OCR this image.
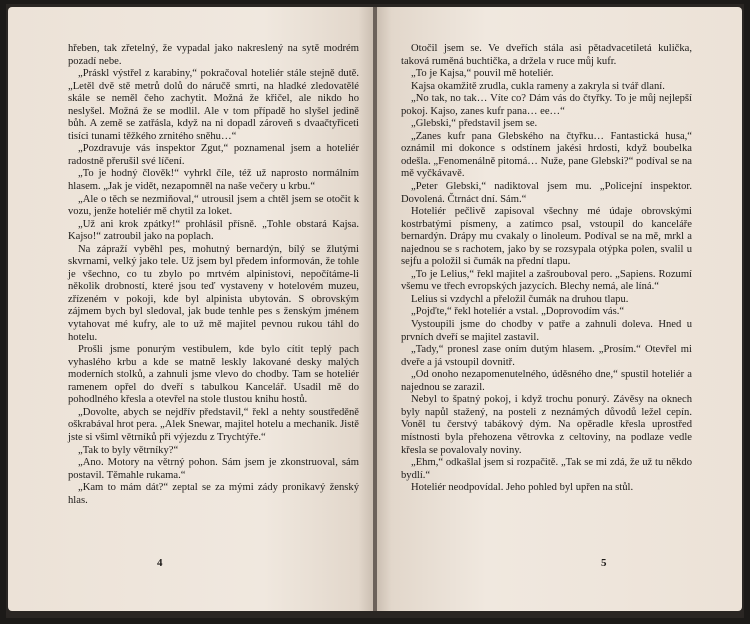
hřeben, tak zřetelný, že vypadal jako nakreslený na sytě modrém pozadí nebe.

„Práskl výstřel z karabiny,“ pokračoval hoteliér stále stejně dutě. „Letěl dvě stě metrů dolů do náručě smrti, na hladké zledovatělé skále se neměl čeho zachytit. Možná že křičel, ale nikdo ho neslyšel. Možná že se modlil. Ale v tom případě ho slyšel jedině bůh. A země se zatřásla, když na ni dopadl zároveň s dvaačtyřiceti tisíci tunami těžkého zrnitého sněhu…“

„Pozdravuje vás inspektor Zgut,“ poznamenal jsem a hoteliér radostně přerušil své líčení.

„To je hodný člověk!“ vyhrkl číle, též už naprosto normálním hlasem. „Jak je vidět, nezapomněl na naše večery u krbu.“

„Ale o těch se nezmiňoval,“ utrousil jsem a chtěl jsem se otočit k vozu, jenže hoteliér mě chytil za loket.

„Už ani krok zpátky!“ prohlásil přísně. „Tohle obstará Kajsa. Kajso!“ zatroubil jako na poplach.

Na zápraží vyběhl pes, mohutný bernardýn, bílý se žlutými skvrnami, velký jako tele. Už jsem byl předem informován, že tohle je všechno, co tu zbylo po mrtvém alpinistovi, nepočítáme-li několik drobností, které jsou teď vystaveny v hotelovém muzeu, zřízeném v pokoji, kde byl alpinista ubytován. S obrovským zájmem bych byl sledoval, jak bude tenhle pes s ženským jménem vytahovat mé kufry, ale to už mě majitel pevnou rukou táhl do hotelu.

Prošli jsme ponurým vestibulem, kde bylo cítit teplý pach vyhaslého krbu a kde se matně leskly lakované desky malých moderních stolků, a zahnuli jsme vlevo do chodby. Tam se hoteliér ramenem opřel do dveří s tabulkou Kancelář. Usadil mě do pohodlného křesla a otevřel na stole tlustou knihu hostů.

„Dovolte, abych se nejdřív představil,“ řekl a nehty soustředěně oškrabával hrot pera. „Alek Snewar, majitel hotelu a mechanik. Jistě jste si všiml větrníků při výjezdu z Trychtýře.“

„Tak to byly větrníky?“

„Ano. Motory na větrný pohon. Sám jsem je zkonstruoval, sám postavil. Těmahle rukama.“

„Kam to mám dát?“ zeptal se za mými zády pronikavý ženský hlas.

4

Otočil jsem se. Ve dveřích stála asi pětadvacetiletá kulička, taková ruměná buchtička, a držela v ruce můj kufr.

„To je Kajsa,“ pouvil mě hoteliér.

Kajsa okamžitě zrudla, cukla rameny a zakryla si tvář dlaní.

„No tak, no tak… Víte co? Dám vás do čtyřky. To je můj nejlepší pokoj. Kajso, zanes kufr pana… ee…“

„Glebski,“ představil jsem se.

„Zanes kufr pana Glebského na čtyřku… Fantastická husa,“ oznámil mi dokonce s odstínem jakési hrdosti, když boubelka odešla. „Fenomenálně pitomá… Nuže, pane Glebski?“ podíval se na mě vyčkávavě.

„Peter Glebski,“ nadiktoval jsem mu. „Policejní inspektor. Dovolená. Čtrnáct dní. Sám.“

Hoteliér pečlivě zapisoval všechny mé údaje obrovskými kostrbatými písmeny, a zatímco psal, vstoupil do kanceláře bernardýn. Drápy mu cvakaly o linoleum. Podíval se na mě, mrkl a najednou se s rachotem, jako by se rozsypala otýpka polen, svalil u sejfu a položil si čumák na přední tlapu.

„To je Lelius,“ řekl majitel a zašrouboval pero. „Sapiens. Rozumí všemu ve třech evropských jazycích. Blechy nemá, ale líná.“

Lelius si vzdychl a přeložil čumák na druhou tlapu.

„Pojďte,“ řekl hoteliér a vstal. „Doprovodím vás.“

Vystoupili jsme do chodby v patře a zahnuli doleva. Hned u prvních dveří se majitel zastavil.

„Tady,“ pronesl zase oním dutým hlasem. „Prosím.“ Otevřel mi dveře a já vstoupil dovnitř.

„Od onoho nezapomenutelného, úděsného dne,“ spustil hoteliér a najednou se zarazil.

Nebyl to špatný pokoj, i když trochu ponurý. Závěsy na oknech byly napůl stažený, na posteli z neznámých důvodů ležel cepín. Voněl tu čerstvý tabákový dým. Na opěradle křesla uprostřed místnosti byla přehozena větrovka z celtoviny, na podlaze vedle křesla se povalovaly noviny.

„Ehm,“ odkašlal jsem si rozpačitě. „Tak se mi zdá, že už tu někdo bydlí.“

Hoteliér neodpovídal. Jeho pohled byl upřen na stůl.

5
